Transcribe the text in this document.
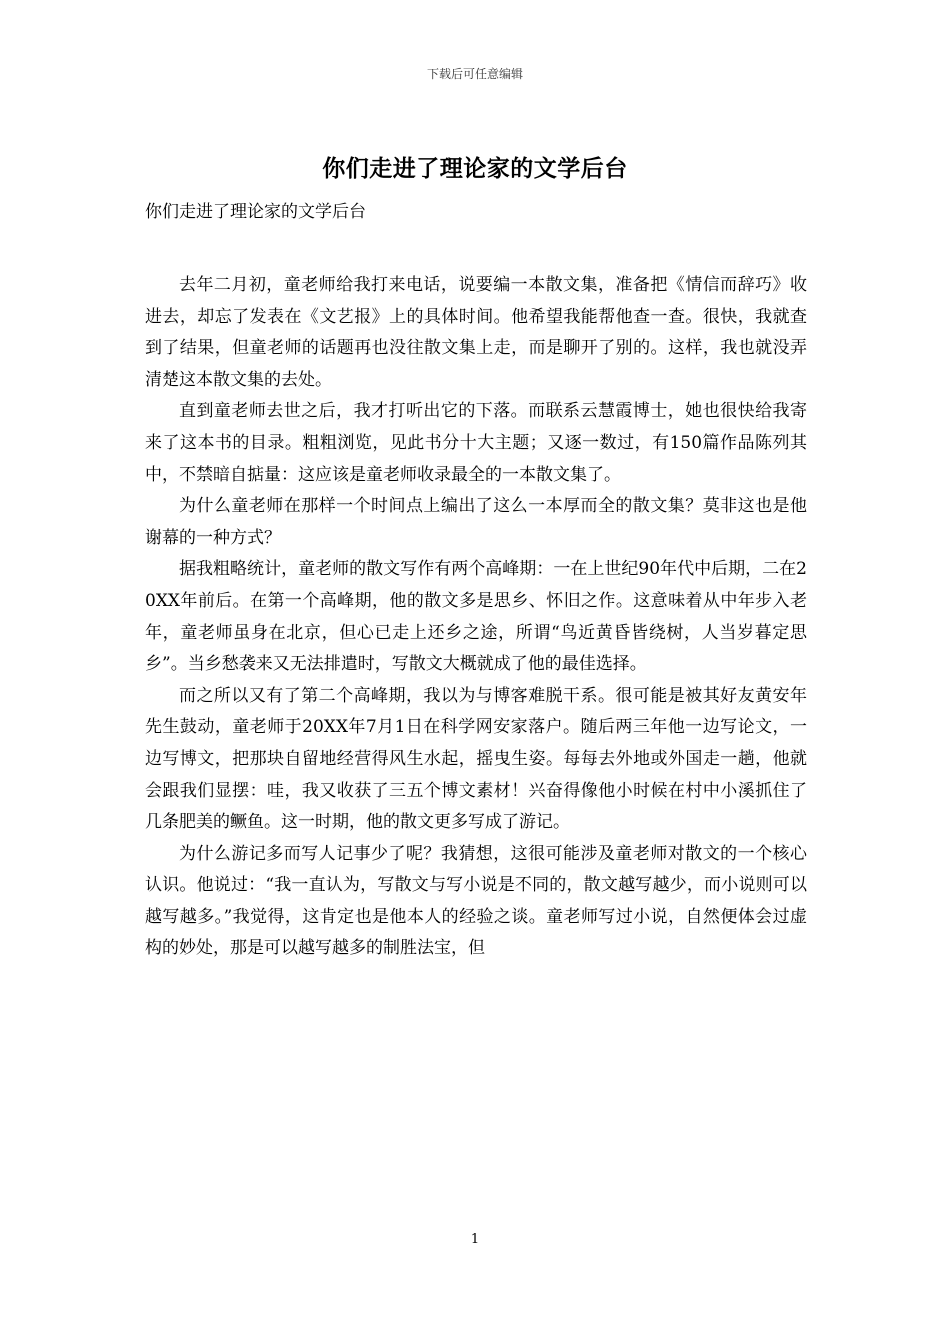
下载后可任意编辑
你们走进了理论家的文学后台
你们走进了理论家的文学后台

去年二月初，童老师给我打来电话，说要编一本散文集，准备把《情信而辞巧》收进去，却忘了发表在《文艺报》上的具体时间。他希望我能帮他查一查。很快，我就查到了结果，但童老师的话题再也没往散文集上走，而是聊开了别的。这样，我也就没弄清楚这本散文集的去处。

直到童老师去世之后，我才打听出它的下落。而联系云慧霞博士，她也很快给我寄来了这本书的目录。粗粗浏览，见此书分十大主题；又逐一数过，有150篇作品陈列其中，不禁暗自掂量：这应该是童老师收录最全的一本散文集了。

为什么童老师在那样一个时间点上编出了这么一本厚而全的散文集？莫非这也是他谢幕的一种方式？

据我粗略统计，童老师的散文写作有两个高峰期：一在上世纪90年代中后期，二在20XX年前后。在第一个高峰期，他的散文多是思乡、怀旧之作。这意味着从中年步入老年，童老师虽身在北京，但心已走上还乡之途，所谓“鸟近黄昏皆绕树，人当岁暮定思乡”。当乡愁袭来又无法排遣时，写散文大概就成了他的最佳选择。

而之所以又有了第二个高峰期，我以为与博客难脱干系。很可能是被其好友黄安年先生鼓动，童老师于20XX年7月1日在科学网安家落户。随后两三年他一边写论文，一边写博文，把那块自留地经营得风生水起，摇曳生姿。每每去外地或外国走一趟，他就会跟我们显摆：哇，我又收获了三五个博文素材！兴奋得像他小时候在村中小溪抓住了几条肥美的鳜鱼。这一时期，他的散文更多写成了游记。

为什么游记多而写人记事少了呢？我猜想，这很可能涉及童老师对散文的一个核心认识。他说过：“我一直认为，写散文与写小说是不同的，散文越写越少，而小说则可以越写越多。”我觉得，这肯定也是他本人的经验之谈。童老师写过小说，自然便体会过虚构的妙处，那是可以越写越多的制胜法宝，但

1
